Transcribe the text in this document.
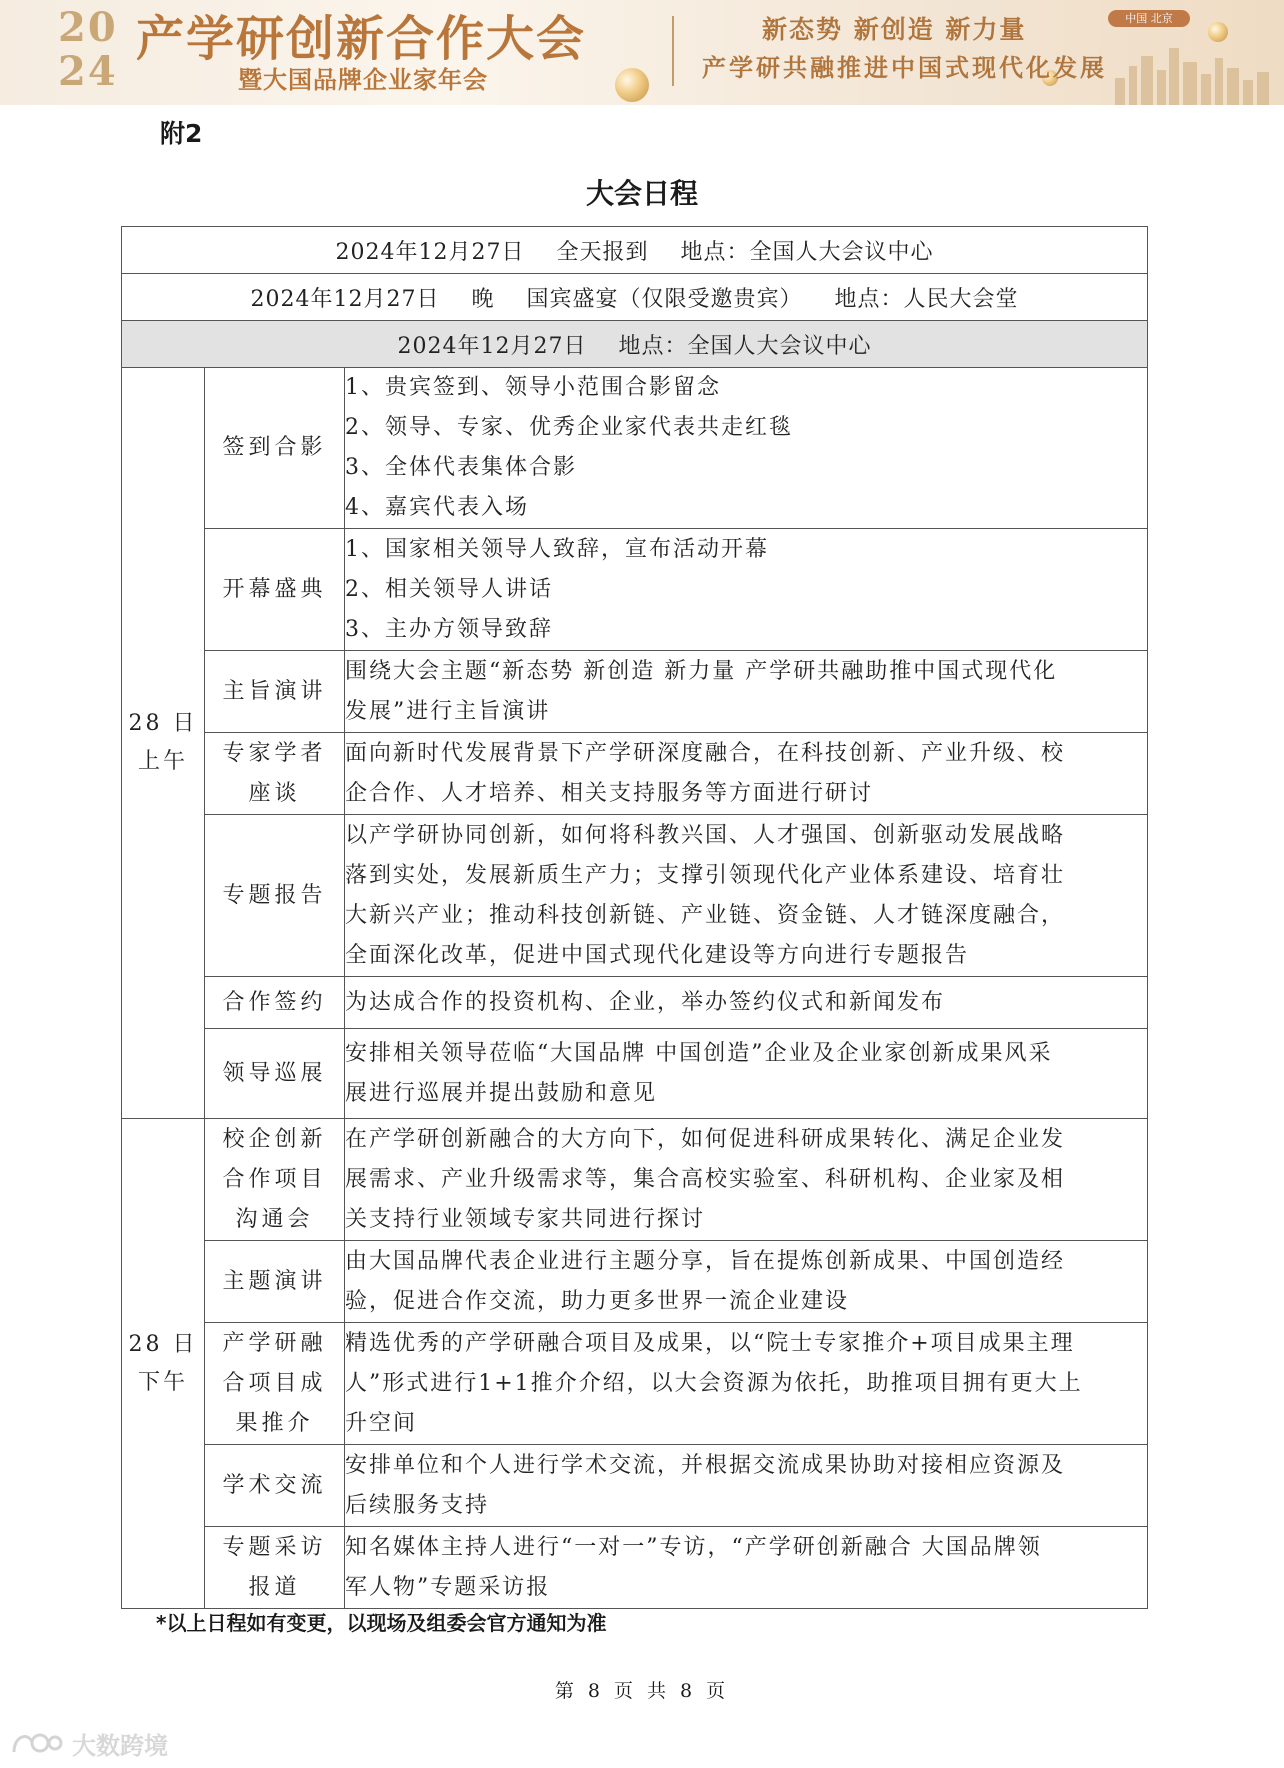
20
24
产学研创新合作大会
暨大国品牌企业家年会
新态势 新创造 新力量
产学研共融推进中国式现代化发展
中国 北京
附2
大会日程
2024年12月27日    全天报到    地点：全国人大会议中心		
2024年12月27日    晚    国宾盛宴（仅限受邀贵宾）    地点：人民大会堂		
2024年12月27日    地点：全国人大会议中心		

28 日
上午	签到合影	1、贵宾签到、领导小范围合影留念
2、领导、专家、优秀企业家代表共走红毯
3、全体代表集体合影
4、嘉宾代表入场

	开幕盛典	1、国家相关领导人致辞，宣布活动开幕
2、相关领导人讲话
3、主办方领导致辞

	主旨演讲	围绕大会主题“新态势 新创造 新力量 产学研共融助推中国式现代化
发展”进行主旨演讲

	专家学者 座谈	面向新时代发展背景下产学研深度融合，在科技创新、产业升级、校
企合作、人才培养、相关支持服务等方面进行研讨

	专题报告	以产学研协同创新，如何将科教兴国、人才强国、创新驱动发展战略
落到实处，发展新质生产力；支撑引领现代化产业体系建设、培育壮
大新兴产业；推动科技创新链、产业链、资金链、人才链深度融合，
全面深化改革，促进中国式现代化建设等方向进行专题报告

	合作签约	为达成合作的投资机构、企业，举办签约仪式和新闻发布

	领导巡展	安排相关领导莅临“大国品牌 中国创造”企业及企业家创新成果风采
展进行巡展并提出鼓励和意见

28 日
下午	校企创新 合作项目 沟通会	在产学研创新融合的大方向下，如何促进科研成果转化、满足企业发
展需求、产业升级需求等，集合高校实验室、科研机构、企业家及相
关支持行业领域专家共同进行探讨

	主题演讲	由大国品牌代表企业进行主题分享，旨在提炼创新成果、中国创造经
验，促进合作交流，助力更多世界一流企业建设

	产学研融 合项目成 果推介	精选优秀的产学研融合项目及成果，以“院士专家推介+项目成果主理
人”形式进行1+1推介介绍，以大会资源为依托，助推项目拥有更大上
升空间

	学术交流	安排单位和个人进行学术交流，并根据交流成果协助对接相应资源及
后续服务支持

	专题采访 报道	知名媒体主持人进行“一对一”专访，“产学研创新融合 大国品牌领
军人物”专题采访报
*以上日程如有变更，以现场及组委会官方通知为准
第 8 页 共 8 页
大数跨境
